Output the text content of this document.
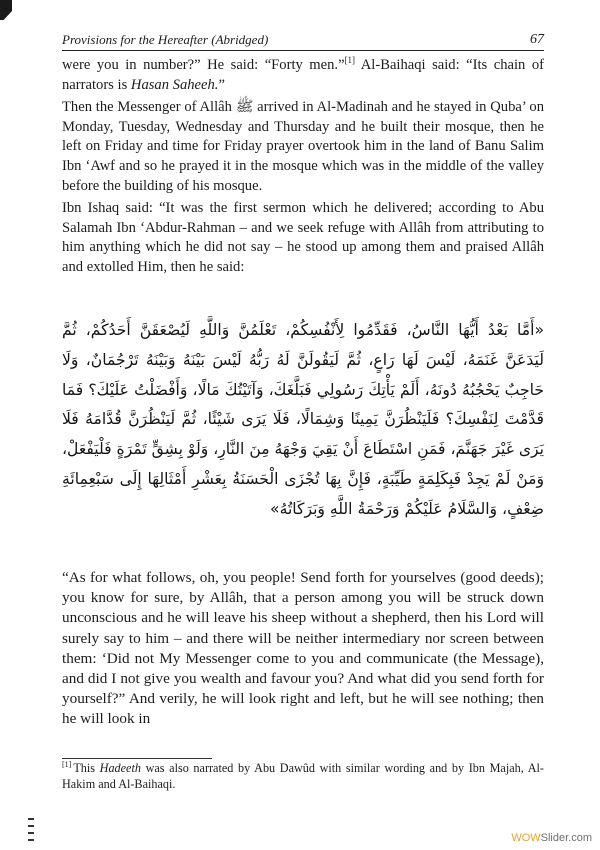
Provisions for the Hereafter (Abridged)	67

were you in number?” He said: “Forty men.”[1] Al-Baihaqi said: “Its chain of narrators is Hasan Saheeh.”

Then the Messenger of Allâh ﷺ arrived in Al-Madinah and he stayed in Quba’ on Monday, Tuesday, Wednesday and Thursday and he built their mosque, then he left on Friday and time for Friday prayer overtook him in the land of Banu Salim Ibn ‘Awf and so he prayed it in the mosque which was in the middle of the valley before the building of his mosque.

Ibn Ishaq said: “It was the first sermon which he delivered; according to Abu Salamah Ibn ‘Abdur-Rahman – and we seek refuge with Allâh from attributing to him anything which he did not say – he stood up among them and praised Allâh and extolled Him, then he said:

«أَمَّا بَعْدُ أَيُّهَا النَّاسُ، فَقَدِّمُوا لِأَنْفُسِكُمْ، تَعْلَمُنَّ وَاللَّهِ لَيُصْعَقَنَّ أَحَدُكُمْ، ثُمَّ لَيَدَعَنَّ غَنَمَهُ، لَيْسَ لَهَا رَاعٍ، ثُمَّ لَيَقُولَنَّ لَهُ رَبُّهُ لَيْسَ بَيْنَهُ وَبَيْنَهُ تَرْجُمَانٌ، وَلَا حَاجِبٌ يَحْجُبُهُ دُونَهُ، أَلَمْ يَأْتِكَ رَسُولِي فَبَلَّغَكَ، وَآتَيْتُكَ مَالًا، وَأَفْضَلْتُ عَلَيْكَ؟ فَمَا قَدَّمْتَ لِنَفْسِكَ؟ فَلَيَنْظُرَنَّ يَمِينًا وَشِمَالًا، فَلَا يَرَى شَيْئًا، ثُمَّ لَيَنْظُرَنَّ قُدَّامَهُ فَلَا يَرَى غَيْرَ جَهَنَّمَ، فَمَنِ اسْتَطَاعَ أَنْ يَقِيَ وَجْهَهُ مِنَ النَّارِ، وَلَوْ بِشِقٍّ تَمْرَةٍ فَلْيَفْعَلْ، وَمَنْ لَمْ يَجِدْ فَبِكَلِمَةٍ طَيِّبَةٍ، فَإِنَّ بِهَا تُجْزَى الْحَسَنَةُ بِعَشْرِ أَمْثَالِهَا إِلَى سَبْعِمِائَةِ ضِعْفٍ، وَالسَّلَامُ عَلَيْكُمْ وَرَحْمَةُ اللَّهِ وَبَرَكَاتُهُ»
“As for what follows, oh, you people! Send forth for yourselves (good deeds); you know for sure, by Allâh, that a person among you will be struck down unconscious and he will leave his sheep without a shepherd, then his Lord will surely say to him – and there will be neither intermediary nor screen between them: ‘Did not My Messenger come to you and communicate (the Message), and did I not give you wealth and favour you? And what did you send forth for yourself?” And verily, he will look right and left, but he will see nothing; then he will look in
[1] This Hadeeth was also narrated by Abu Dawûd with similar wording and by Ibn Majah, Al-Hakim and Al-Baihaqi.
WOWSlider.com
